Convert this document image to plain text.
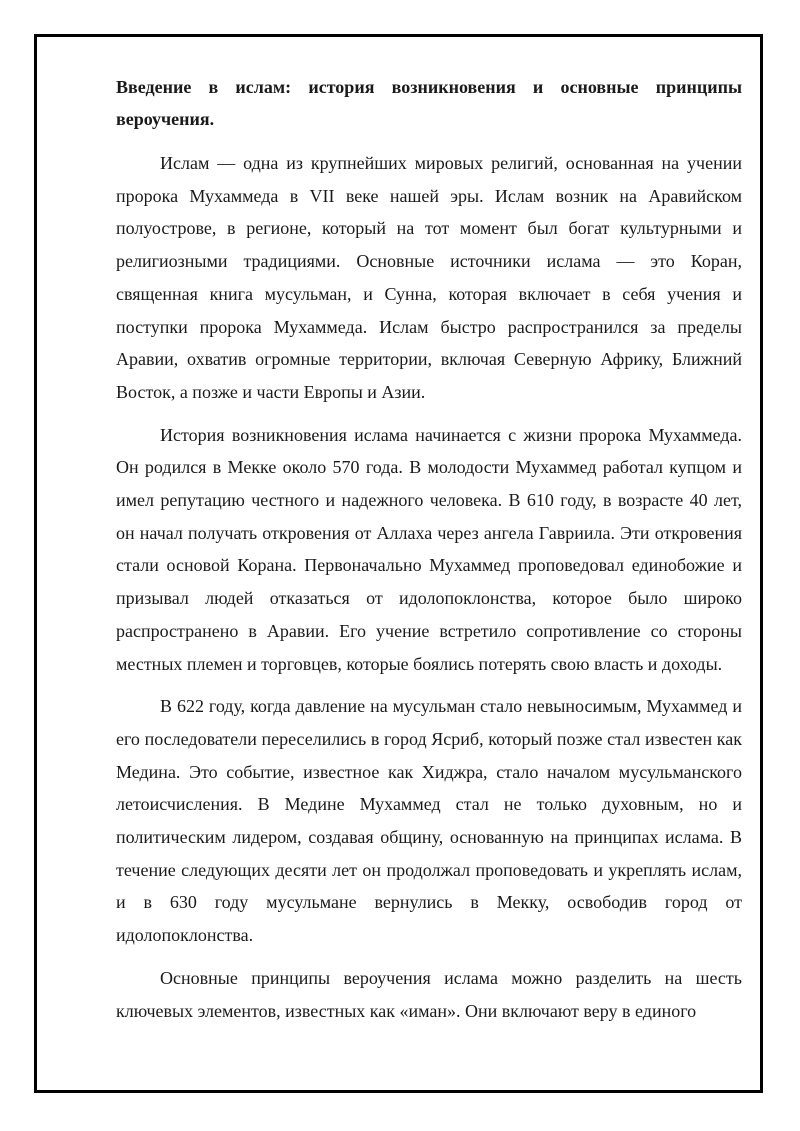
Введение в ислам: история возникновения и основные принципы вероучения.

Ислам — одна из крупнейших мировых религий, основанная на учении пророка Мухаммеда в VII веке нашей эры. Ислам возник на Аравийском полуострове, в регионе, который на тот момент был богат культурными и религиозными традициями. Основные источники ислама — это Коран, священная книга мусульман, и Сунна, которая включает в себя учения и поступки пророка Мухаммеда. Ислам быстро распространился за пределы Аравии, охватив огромные территории, включая Северную Африку, Ближний Восток, а позже и части Европы и Азии.

История возникновения ислама начинается с жизни пророка Мухаммеда. Он родился в Мекке около 570 года. В молодости Мухаммед работал купцом и имел репутацию честного и надежного человека. В 610 году, в возрасте 40 лет, он начал получать откровения от Аллаха через ангела Гавриила. Эти откровения стали основой Корана. Первоначально Мухаммед проповедовал единобожие и призывал людей отказаться от идолопоклонства, которое было широко распространено в Аравии. Его учение встретило сопротивление со стороны местных племен и торговцев, которые боялись потерять свою власть и доходы.

В 622 году, когда давление на мусульман стало невыносимым, Мухаммед и его последователи переселились в город Ясриб, который позже стал известен как Медина. Это событие, известное как Хиджра, стало началом мусульманского летоисчисления. В Медине Мухаммед стал не только духовным, но и политическим лидером, создавая общину, основанную на принципах ислама. В течение следующих десяти лет он продолжал проповедовать и укреплять ислам, и в 630 году мусульмане вернулись в Мекку, освободив город от идолопоклонства.

Основные принципы вероучения ислама можно разделить на шесть ключевых элементов, известных как «иман». Они включают веру в единого
